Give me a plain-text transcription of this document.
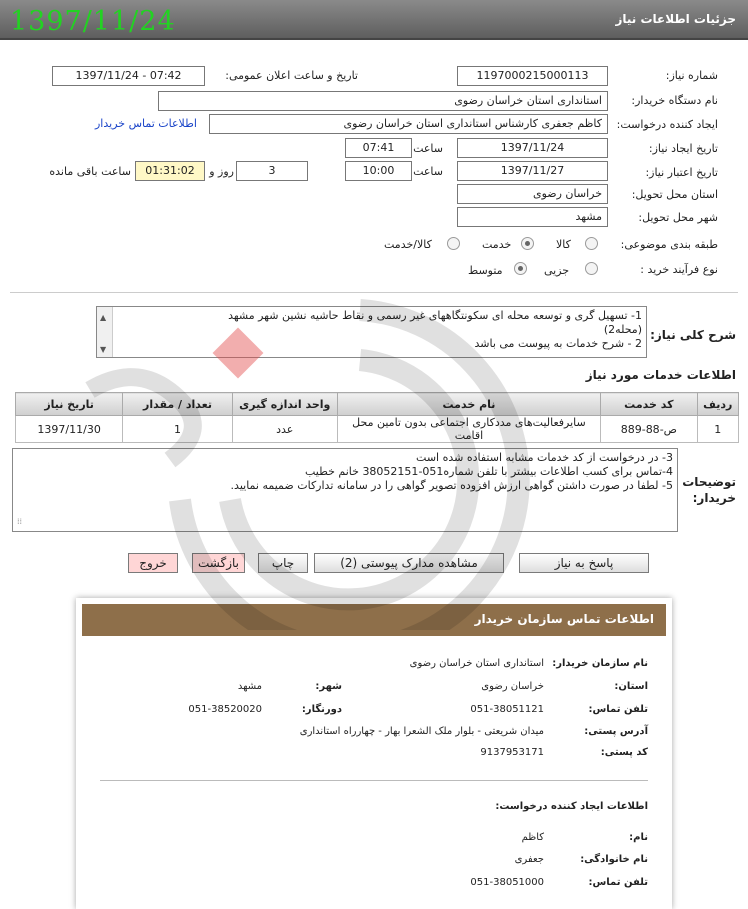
جزئیات اطلاعات نیاز
1397/11/24
شماره نیاز:
1197000215000113
تاریخ و ساعت اعلان عمومی:
1397/11/24 - 07:42
نام دستگاه خریدار:
استانداری استان خراسان رضوی
ایجاد کننده درخواست:
کاظم جعفری کارشناس استانداری استان خراسان رضوی
اطلاعات تماس خریدار
تاریخ ایجاد نیاز:
1397/11/24
ساعت
07:41
تاریخ اعتبار نیاز:
1397/11/27
ساعت
10:00
3
روز و
01:31:02
ساعت باقی مانده
استان محل تحویل:
خراسان رضوی
شهر محل تحویل:
مشهد
طبقه بندی موضوعی:
کالا
خدمت
کالا/خدمت
نوع فرآیند خرید :
جزیی
متوسط
شرح کلی نیاز:
▲
▼
1- تسهیل گری و توسعه محله ای سکونتگاههای غیر رسمی و نقاط حاشیه نشین شهر مشهد
(محله2)
2 - شرح خدمات به پیوست می باشد
اطلاعات خدمات مورد نیاز
تاریخ نیاز	تعداد / مقدار	واحد اندازه گیری	نام خدمت	کد خدمت	ردیف
1397/11/30	1	عدد	سایرفعالیت‌های مددکاری اجتماعی بدون تامین محل اقامت	ص-88-889	1
توضیحات خریدار:
3- در درخواست از کد خدمات مشابه استفاده شده است
4-تماس برای کسب اطلاعات بیشتر با تلفن شماره051-38052151 خانم خطیب
5- لطفا در صورت داشتن گواهی ارزش افزوده تصویر گواهی را در سامانه تدارکات ضمیمه نمایید.
⁞⁞
پاسخ به نیاز
مشاهده مدارک پیوستی (2)
چاپ
بازگشت
خروج
اطلاعات تماس سازمان خریدار
نام سازمان خریدار:
استانداری استان خراسان رضوی
استان:
خراسان رضوی
شهر:
مشهد
تلفن تماس:
051-38051121
دورنگار:
051-38520020
آدرس پستی:
میدان شریعتی - بلوار ملک الشعرا بهار - چهارراه استانداری
کد پستی:
9137953171
اطلاعات ایجاد کننده درخواست:
نام:
کاظم
نام خانوادگی:
جعفری
تلفن تماس:
051-38051000
